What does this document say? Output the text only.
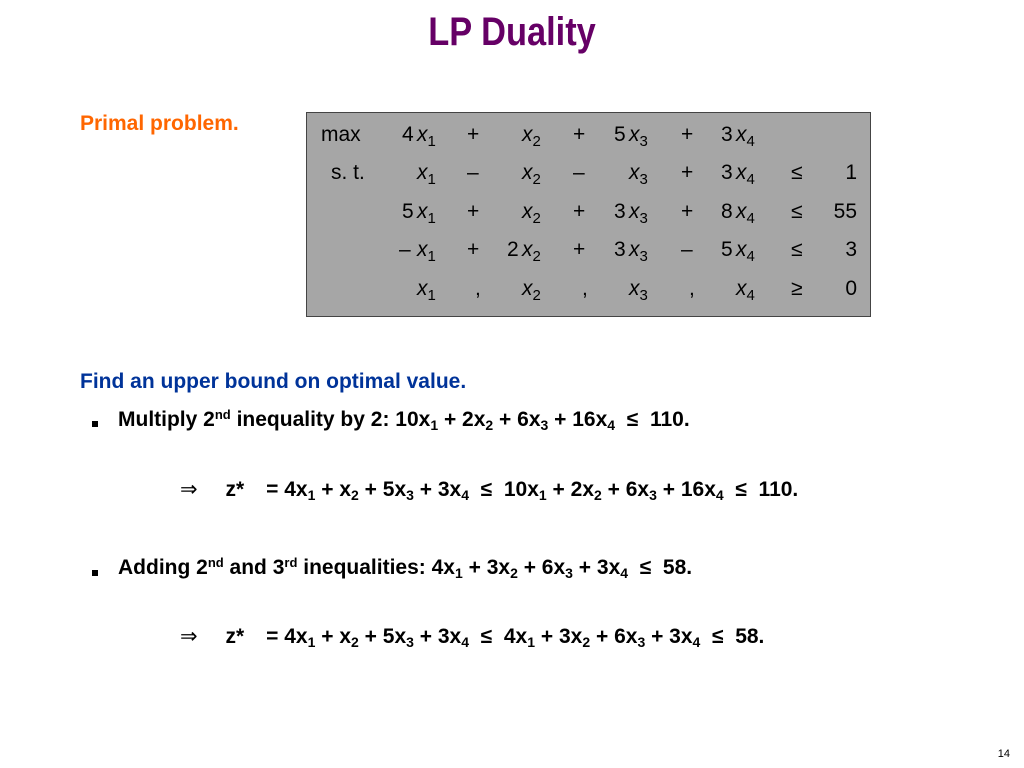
LP Duality
Primal problem.	max 4 $x_1 + x_2 + 5$ $x_3 + 3$ $x_4$
s. t. $x_1 - x_2 - x_3 + 3$ $x_4$ ≤	1
5 $x_1 + x_2 + 3$ $x_3 + 8$ $x_4$ ≤	55
– $x_1 + 2$ $x_2 + 3$ $x_3 - 5$ $x_4$ ≤	3
$x_1$ , $x_2$ , $x_3$ , $x_4$ ≥	0
Find an upper bound on optimal value.
Multiply 2nd inequality by 2: $10x_1 + 2x_2 + 6x_3 + 16x_4 \le 110$.
⇒ $z* = 4x_1 + x_2 + 5x_3 + 3x_4 \le 10x_1 + 2x_2 + 6x_3 + 16x_4 \le 110$.
Adding 2nd and 3rd inequalities: $4x_1 + 3x_2 + 6x_3 + 3x_4 \le 58$.
⇒ $z* = 4x_1 + x_2 + 5x_3 + 3x_4 \le 4x_1 + 3x_2 + 6x_3 + 3x_4 \le 58$.
14
